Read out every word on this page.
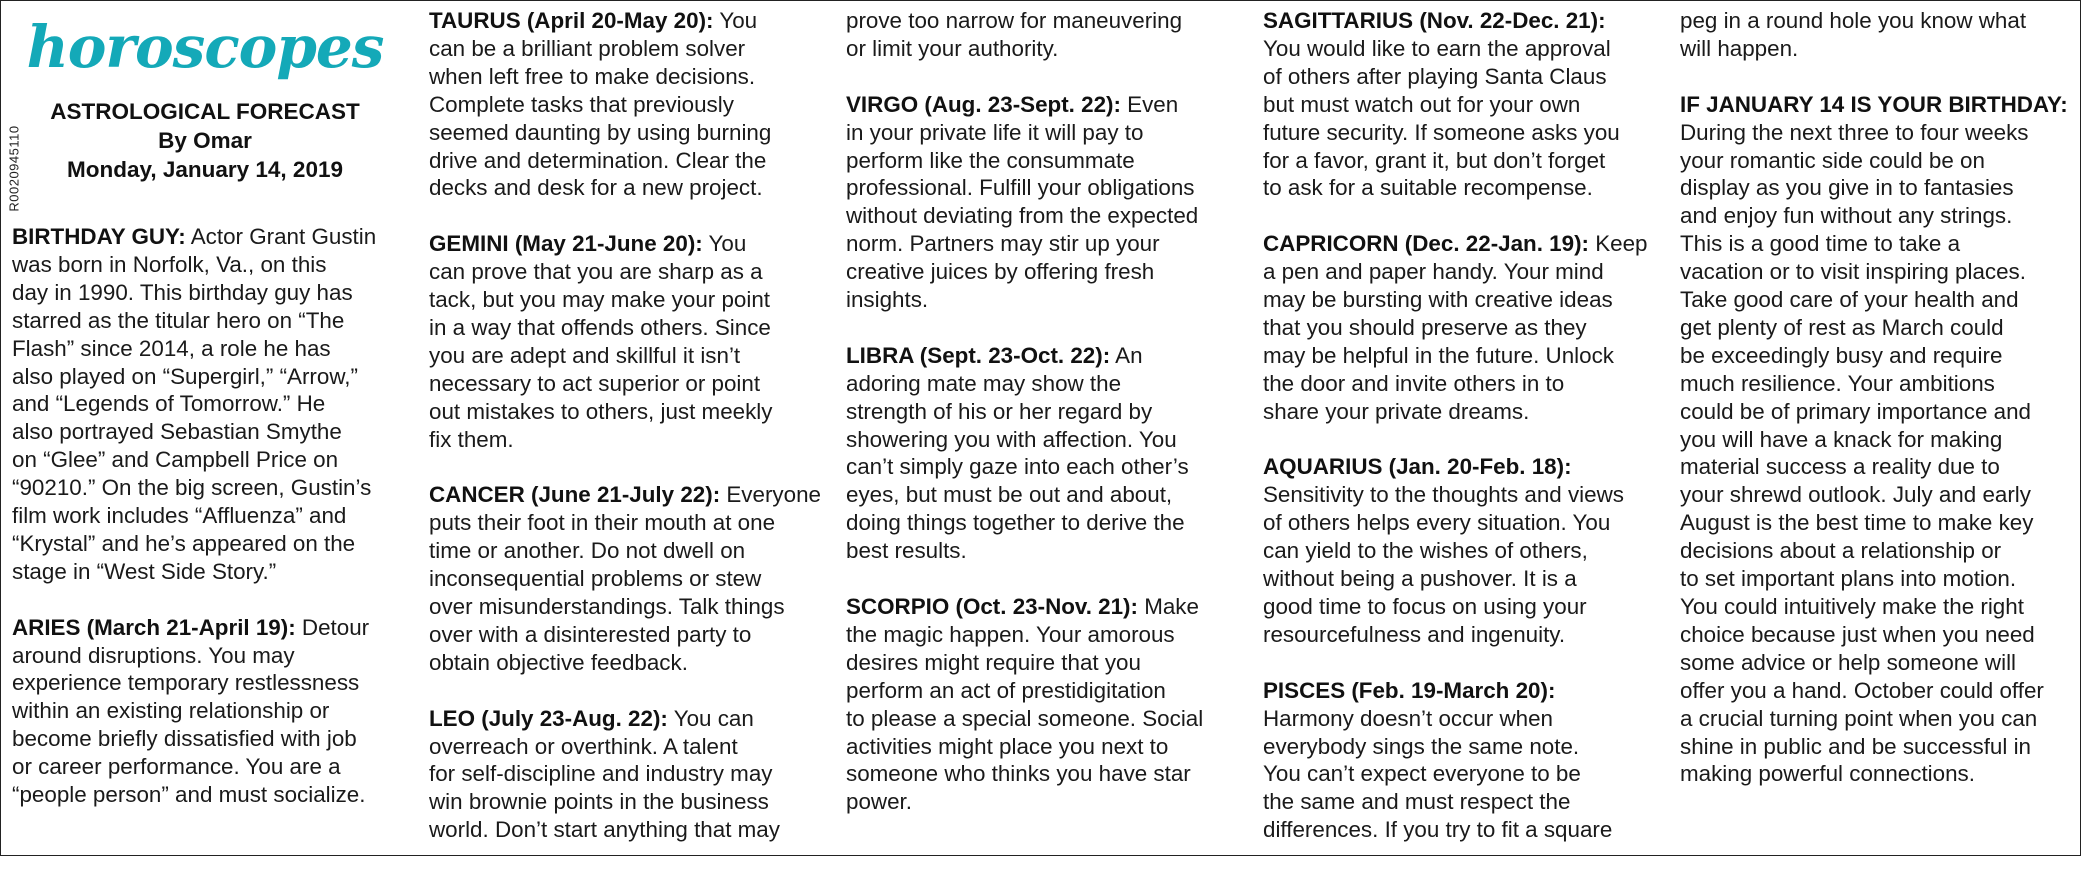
R0020945110
horoscopes
ASTROLOGICAL FORECAST
By Omar
Monday, January 14, 2019
BIRTHDAY GUY: Actor Grant Gustin
was born in Norfolk, Va., on this
day in 1990. This birthday guy has
starred as the titular hero on “The
Flash” since 2014, a role he has
also played on “Supergirl,” “Arrow,”
and “Legends of Tomorrow.” He
also portrayed Sebastian Smythe
on “Glee” and Campbell Price on
“90210.” On the big screen, Gustin’s
film work includes “Affluenza” and
“Krystal” and he’s appeared on the
stage in “West Side Story.”
ARIES (March 21-April 19): Detour
around disruptions. You may
experience temporary restlessness
within an existing relationship or
become briefly dissatisfied with job
or career performance. You are a
“people person” and must socialize.
TAURUS (April 20-May 20): You
can be a brilliant problem solver
when left free to make decisions.
Complete tasks that previously
seemed daunting by using burning
drive and determination. Clear the
decks and desk for a new project.
GEMINI (May 21-June 20): You
can prove that you are sharp as a
tack, but you may make your point
in a way that offends others. Since
you are adept and skillful it isn’t
necessary to act superior or point
out mistakes to others, just meekly
fix them.
CANCER (June 21-July 22): Everyone
puts their foot in their mouth at one
time or another. Do not dwell on
inconsequential problems or stew
over misunderstandings. Talk things
over with a disinterested party to
obtain objective feedback.
LEO (July 23-Aug. 22): You can
overreach or overthink. A talent
for self-discipline and industry may
win brownie points in the business
world. Don’t start anything that may
prove too narrow for maneuvering
or limit your authority.
VIRGO (Aug. 23-Sept. 22): Even
in your private life it will pay to
perform like the consummate
professional. Fulfill your obligations
without deviating from the expected
norm. Partners may stir up your
creative juices by offering fresh
insights.
LIBRA (Sept. 23-Oct. 22): An
adoring mate may show the
strength of his or her regard by
showering you with affection. You
can’t simply gaze into each other’s
eyes, but must be out and about,
doing things together to derive the
best results.
SCORPIO (Oct. 23-Nov. 21): Make
the magic happen. Your amorous
desires might require that you
perform an act of prestidigitation
to please a special someone. Social
activities might place you next to
someone who thinks you have star
power.
SAGITTARIUS (Nov. 22-Dec. 21):
You would like to earn the approval
of others after playing Santa Claus
but must watch out for your own
future security. If someone asks you
for a favor, grant it, but don’t forget
to ask for a suitable recompense.
CAPRICORN (Dec. 22-Jan. 19): Keep
a pen and paper handy. Your mind
may be bursting with creative ideas
that you should preserve as they
may be helpful in the future. Unlock
the door and invite others in to
share your private dreams.
AQUARIUS (Jan. 20-Feb. 18):
Sensitivity to the thoughts and views
of others helps every situation. You
can yield to the wishes of others,
without being a pushover. It is a
good time to focus on using your
resourcefulness and ingenuity.
PISCES (Feb. 19-March 20):
Harmony doesn’t occur when
everybody sings the same note.
You can’t expect everyone to be
the same and must respect the
differences. If you try to fit a square
peg in a round hole you know what
will happen.
IF JANUARY 14 IS YOUR BIRTHDAY:
During the next three to four weeks
your romantic side could be on
display as you give in to fantasies
and enjoy fun without any strings.
This is a good time to take a
vacation or to visit inspiring places.
Take good care of your health and
get plenty of rest as March could
be exceedingly busy and require
much resilience. Your ambitions
could be of primary importance and
you will have a knack for making
material success a reality due to
your shrewd outlook. July and early
August is the best time to make key
decisions about a relationship or
to set important plans into motion.
You could intuitively make the right
choice because just when you need
some advice or help someone will
offer you a hand. October could offer
a crucial turning point when you can
shine in public and be successful in
making powerful connections.
